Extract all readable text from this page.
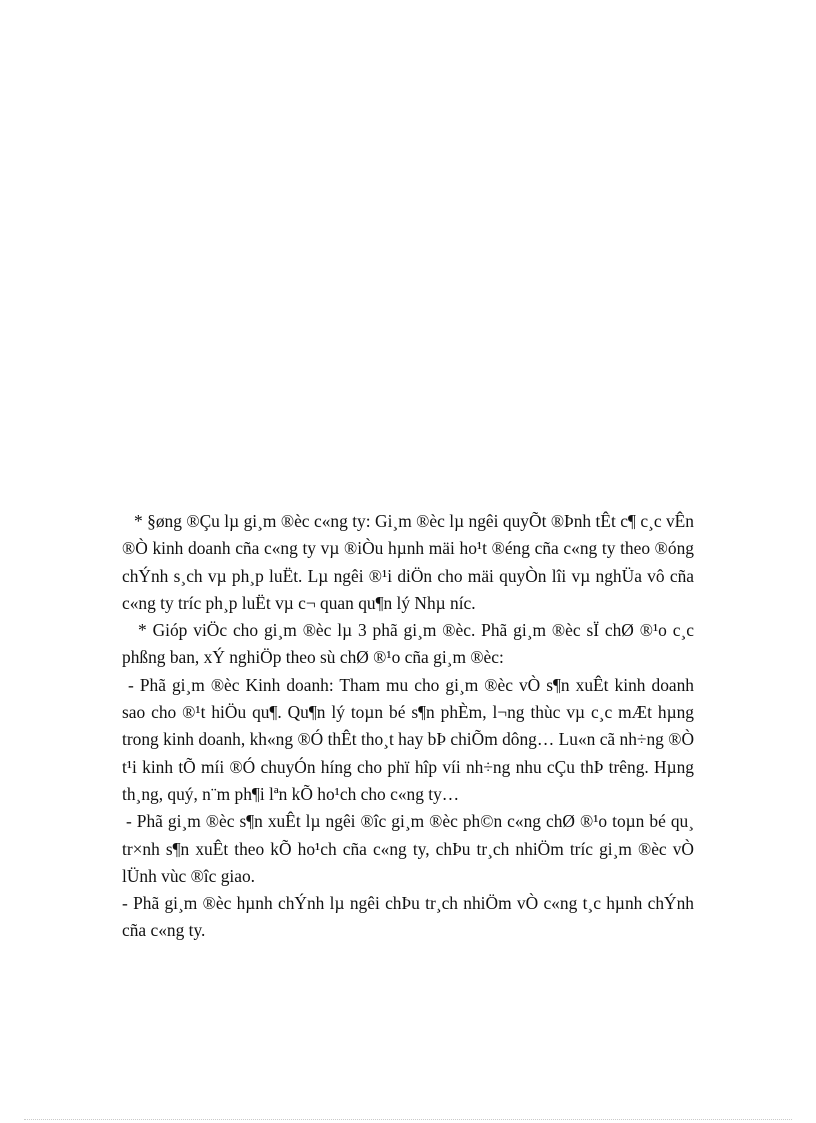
* §øng ®Çu lµ gi¸m ®èc c«ng ty: Gi¸m ®èc lµ ngêi quyÕt ®Þnh tÊt c¶ c¸c vÊn ®Ò kinh doanh cña c«ng ty vµ ®iÒu hµnh mäi ho¹t ®éng cña c«ng ty theo ®óng chÝnh s¸ch vµ ph¸p luËt. Lµ ngêi ®¹i diÖn cho mäi quyÒn lîi vµ nghÜa vô cña c«ng ty tríc ph¸p luËt vµ c¬ quan qu¶n lý Nhµ níc.

* Gióp viÖc cho gi¸m ®èc lµ 3 phã gi¸m ®èc. Phã gi¸m ®èc sÏ chØ ®¹o c¸c phßng ban, xÝ nghiÖp theo sù chØ ®¹o cña gi¸m ®èc:

- Phã gi¸m ®èc Kinh doanh: Tham mu cho gi¸m ®èc vÒ s¶n xuÊt kinh doanh sao cho ®¹t hiÖu qu¶. Qu¶n lý toµn bé s¶n phÈm, l¬ng thùc vµ c¸c mÆt hµng trong kinh doanh, kh«ng ®Ó thÊt tho¸t hay bÞ chiÕm dông… Lu«n cã nh÷ng ®Ò t¹i kinh tÕ míi ®Ó chuyÓn híng cho phï hîp víi nh÷ng nhu cÇu thÞ trêng. Hµng th¸ng, quý, n¨m ph¶i lªn kÕ ho¹ch cho c«ng ty…

- Phã gi¸m ®èc s¶n xuÊt lµ ngêi ®îc gi¸m ®èc ph©n c«ng chØ ®¹o toµn bé qu¸ tr×nh s¶n xuÊt theo kÕ ho¹ch cña c«ng ty, chÞu tr¸ch nhiÖm tríc gi¸m ®èc vÒ lÜnh vùc ®îc giao.

- Phã gi¸m ®èc hµnh chÝnh lµ ngêi chÞu tr¸ch nhiÖm vÒ c«ng t¸c hµnh chÝnh cña c«ng ty.
